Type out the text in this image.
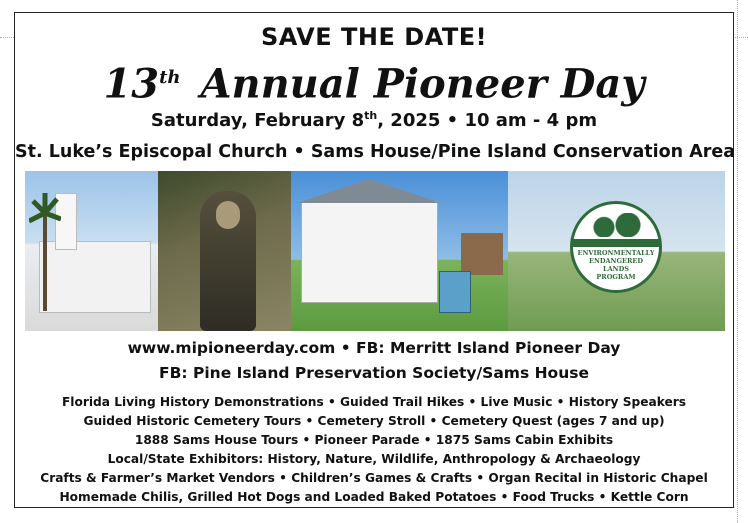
SAVE THE DATE!
13th Annual Pioneer Day
Saturday, February 8th, 2025 • 10 am - 4 pm
St. Luke’s Episcopal Church • Sams House/Pine Island Conservation Area
ENVIRONMENTALLY
ENDANGERED
LANDS
PROGRAM
www.mipioneerday.com • FB: Merritt Island Pioneer Day
FB: Pine Island Preservation Society/Sams House
Florida Living History Demonstrations • Guided Trail Hikes • Live Music • History Speakers
Guided Historic Cemetery Tours • Cemetery Stroll • Cemetery Quest (ages 7 and up)
1888 Sams House Tours • Pioneer Parade • 1875 Sams Cabin Exhibits
Local/State Exhibitors: History, Nature, Wildlife, Anthropology & Archaeology
Crafts & Farmer’s Market Vendors • Children’s Games & Crafts • Organ Recital in Historic Chapel
Homemade Chilis, Grilled Hot Dogs and Loaded Baked Potatoes • Food Trucks • Kettle Corn
